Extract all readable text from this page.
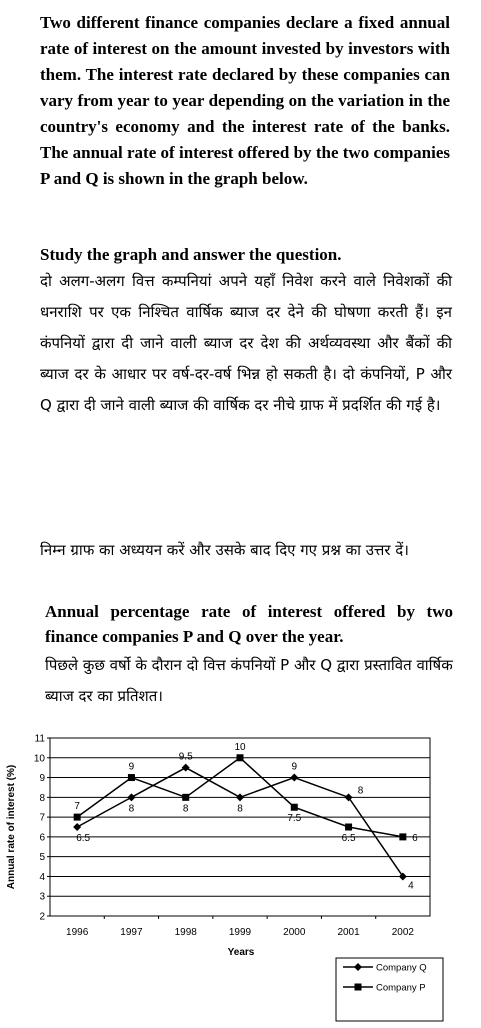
Two different finance companies declare a fixed annual rate of interest on the amount invested by investors with them. The interest rate declared by these companies can vary from year to year depending on the variation in the country's economy and the interest rate of the banks. The annual rate of interest offered by the two companies P and Q is shown in the graph below.

Study the graph and answer the question.

दो अलग-अलग वित्त कम्पनियां अपने यहाँ निवेश करने वाले निवेशकों की धनराशि पर एक निश्चित वार्षिक ब्याज दर देने की घोषणा करती हैं। इन कंपनियों द्वारा दी जाने वाली ब्याज दर देश की अर्थव्यवस्था और बैंकों की ब्याज दर के आधार पर वर्ष-दर-वर्ष भिन्न हो सकती है। दो कंपनियों, P और Q द्वारा दी जाने वाली ब्याज की वार्षिक दर नीचे ग्राफ में प्रदर्शित की गई है।

निम्न ग्राफ का अध्ययन करें और उसके बाद दिए गए प्रश्न का उत्तर दें।

Annual percentage rate of interest offered by two finance companies P and Q over the year.

पिछले कुछ वर्षो के दौरान दो वित्त कंपनियों P और Q द्वारा प्रस्तावित वार्षिक ब्याज दर का प्रतिशत।

2
3
4
5
6
7
8
9
10
11
1996	1997	1998	1999	2000	2001	2002
6.5
8
9.5
8
9
8
4
7
9
8
10
7.5
6.5	6
Annual rate of interest (%)
Years
Company Q
Company P
